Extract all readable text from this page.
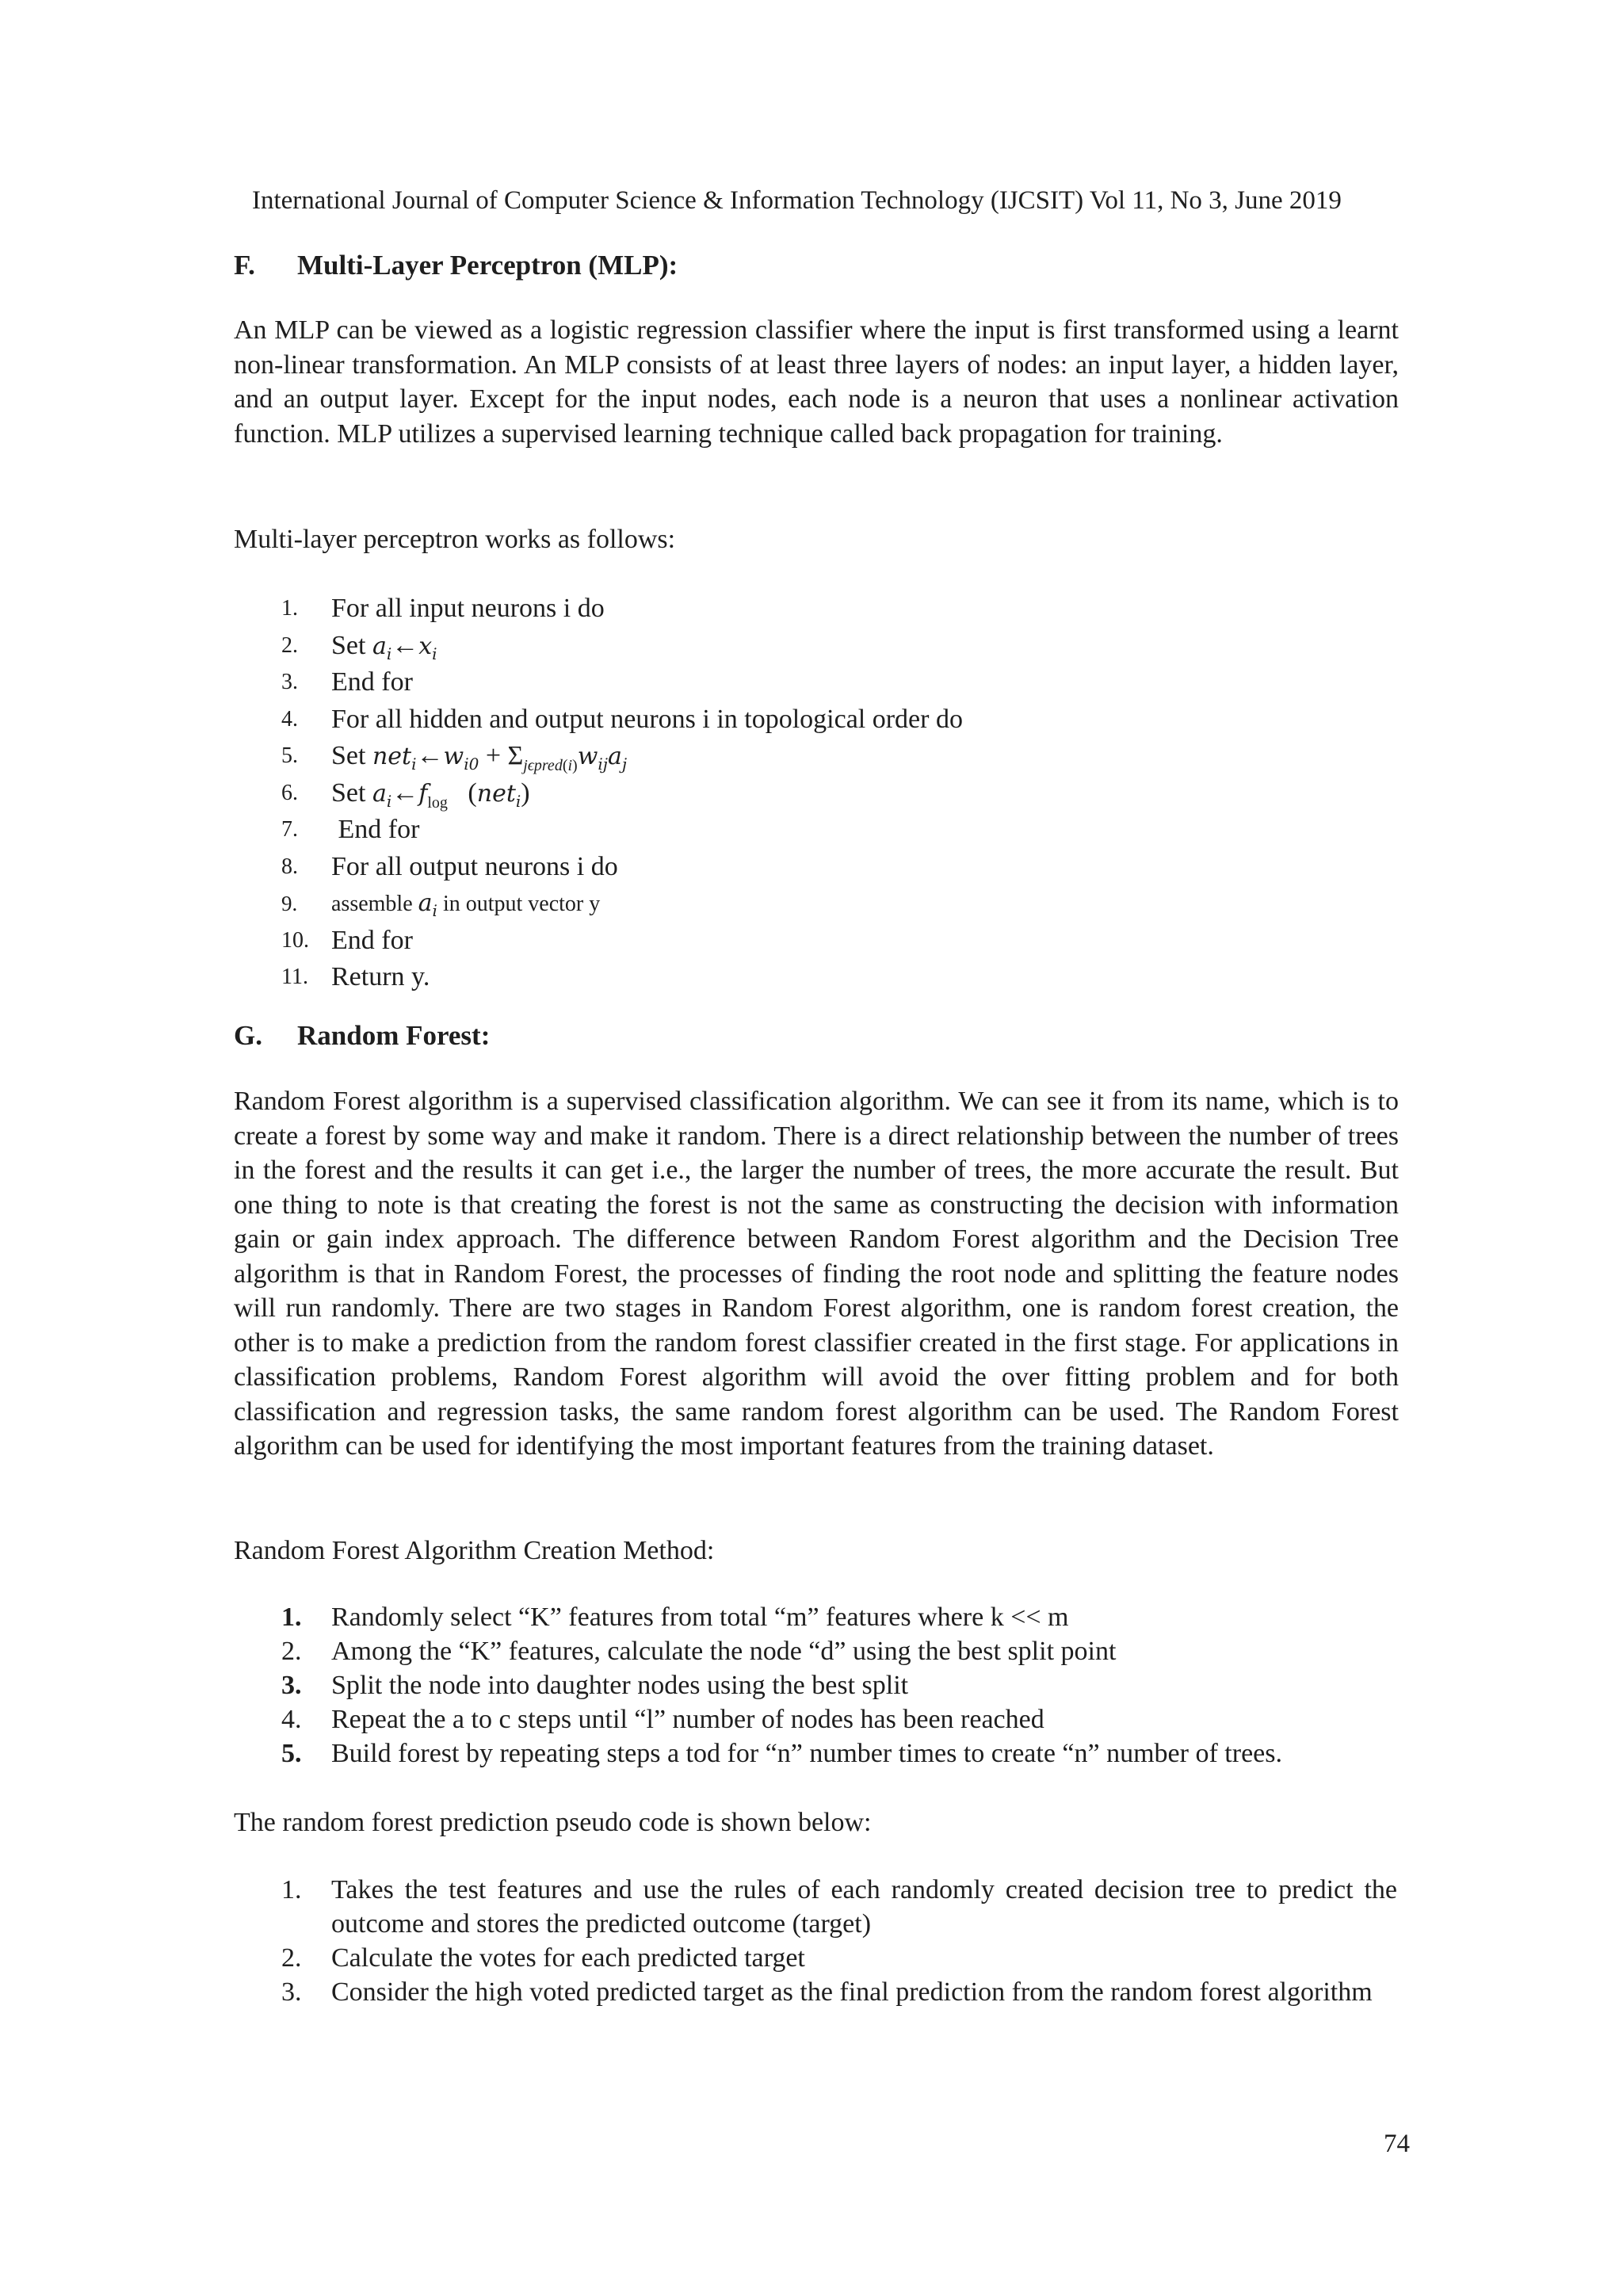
International Journal of Computer Science & Information Technology (IJCSIT) Vol 11, No 3, June 2019
F. Multi-Layer Perceptron (MLP):
An MLP can be viewed as a logistic regression classifier where the input is first transformed using a learnt non-linear transformation. An MLP consists of at least three layers of nodes: an input layer, a hidden layer, and an output layer. Except for the input nodes, each node is a neuron that uses a nonlinear activation function. MLP utilizes a supervised learning technique called back propagation for training.
Multi-layer perceptron works as follows:
1.	For all input neurons i do
2.	Set $a_i\leftarrow x_i$
3.	End for
4.	For all hidden and output neurons i in topological order do
5.	Set $net_i\leftarrow w_{i0} + \Sigma_{j\epsilon pred(i)}w_{ij}a_j$
6.	Set $a_i\leftarrow f_{log}$   (net$_i$)
7.	End for
8.	For all output neurons i do
9.	assemble $a_i$ in output vector y
10. End for
11. Return y.
G. Random Forest:
Random Forest algorithm is a supervised classification algorithm. We can see it from its name, which is to create a forest by some way and make it random. There is a direct relationship between the number of trees in the forest and the results it can get i.e., the larger the number of trees, the more accurate the result. But one thing to note is that creating the forest is not the same as constructing the decision with information gain or gain index approach. The difference between Random Forest algorithm and the Decision Tree algorithm is that in Random Forest, the processes of finding the root node and splitting the feature nodes will run randomly. There are two stages in Random Forest algorithm, one is random forest creation, the other is to make a prediction from the random forest classifier created in the first stage. For applications in classification problems, Random Forest algorithm will avoid the over fitting problem and for both classification and regression tasks, the same random forest algorithm can be used. The Random Forest algorithm can be used for identifying the most important features from the training dataset.
Random Forest Algorithm Creation Method:
1.	Randomly select “K” features from total “m” features where k << m
2.	Among the “K” features, calculate the node “d” using the best split point
3.	Split the node into daughter nodes using the best split
4.	Repeat the a to c steps until “l” number of nodes has been reached
5.	Build forest by repeating steps a tod for “n” number times to create “n” number of trees.
The random forest prediction pseudo code is shown below:
1.	Takes the test features and use the rules of each randomly created decision tree to predict the outcome and stores the predicted outcome (target)
2.	Calculate the votes for each predicted target
3.	Consider the high voted predicted target as the final prediction from the random forest algorithm
74
